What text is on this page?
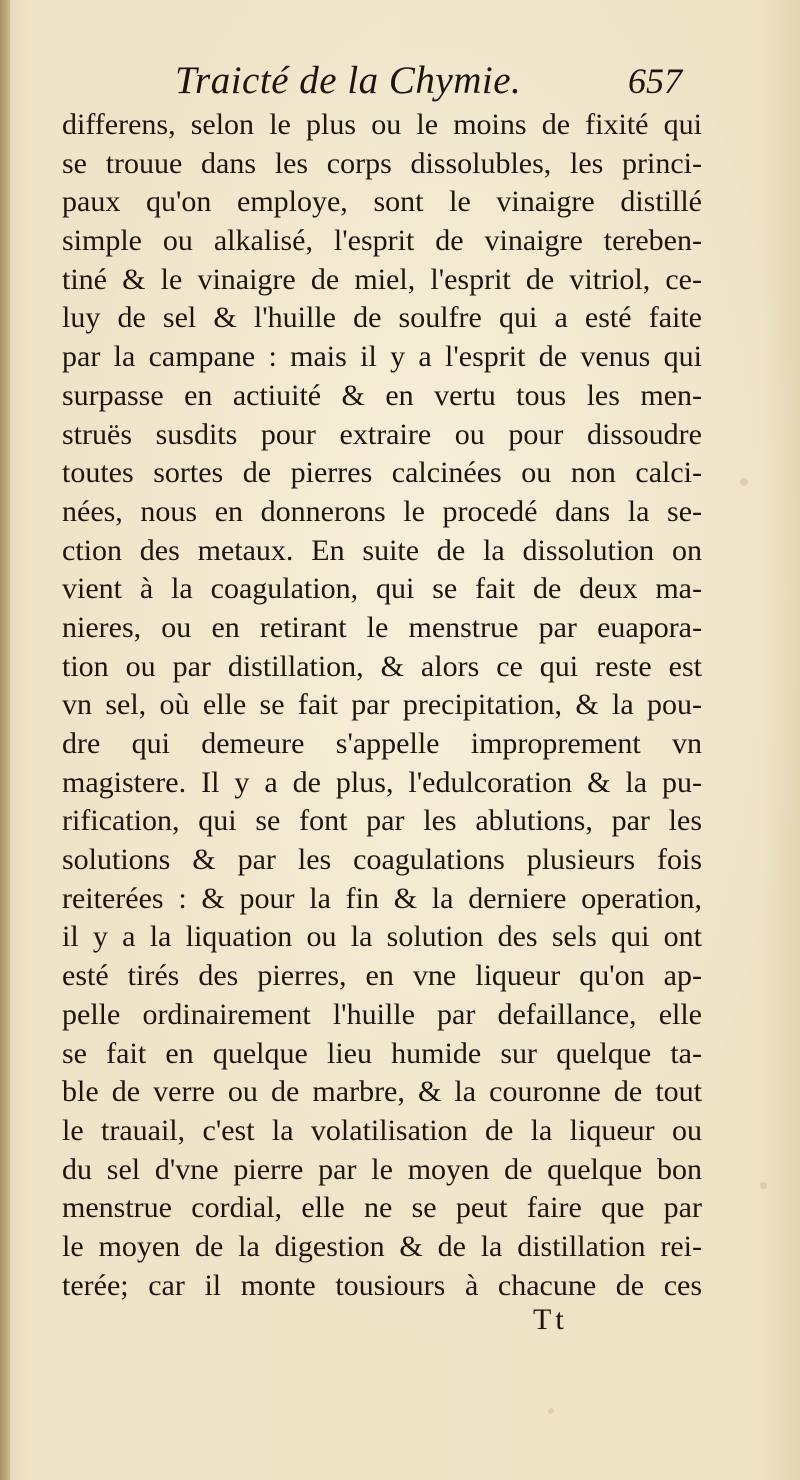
Traicté de la Chymie.	657
differens, selon le plus ou le moins de fixité qui
se trouue dans les corps dissolubles, les princi-
paux qu'on employe, sont le vinaigre distillé
simple ou alkalisé, l'esprit de vinaigre tereben-
tiné & le vinaigre de miel, l'esprit de vitriol, ce-
luy de sel & l'huille de soulfre qui a esté faite
par la campane : mais il y a l'esprit de venus qui
surpasse en actiuité & en vertu tous les men-
struës susdits pour extraire ou pour dissoudre
toutes sortes de pierres calcinées ou non calci-
nées, nous en donnerons le procedé dans la se-
ction des metaux. En suite de la dissolution on
vient à la coagulation, qui se fait de deux ma-
nieres, ou en retirant le menstrue par euapora-
tion ou par distillation, & alors ce qui reste est
vn sel, où elle se fait par precipitation, & la pou-
dre qui demeure s'appelle improprement vn
magistere. Il y a de plus, l'edulcoration & la pu-
rification, qui se font par les ablutions, par les
solutions & par les coagulations plusieurs fois
reiterées : & pour la fin & la derniere operation,
il y a la liquation ou la solution des sels qui ont
esté tirés des pierres, en vne liqueur qu'on ap-
pelle ordinairement l'huille par defaillance, elle
se fait en quelque lieu humide sur quelque ta-
ble de verre ou de marbre, & la couronne de tout
le trauail, c'est la volatilisation de la liqueur ou
du sel d'vne pierre par le moyen de quelque bon
menstrue cordial, elle ne se peut faire que par
le moyen de la digestion & de la distillation rei-
terée; car il monte tousiours à chacune de ces
Tt
